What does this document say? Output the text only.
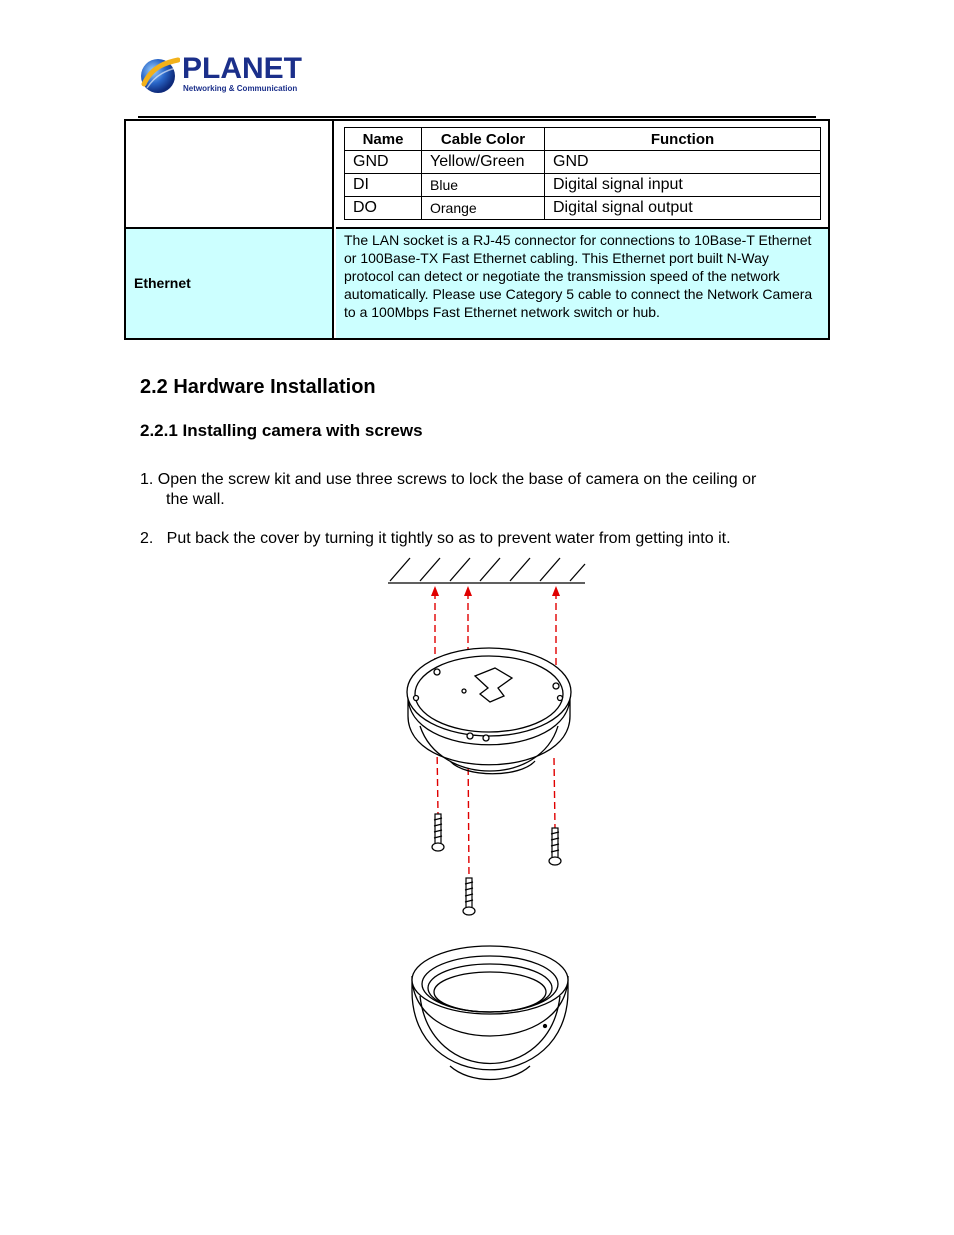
PLANET
Networking & Communication
Name	Cable Color	Function
GND	Yellow/Green	GND
DI	Blue	Digital signal input
DO	Orange	Digital signal output
Ethernet
The LAN socket is a RJ-45 connector for connections to 10Base-T Ethernet or 100Base-TX Fast Ethernet cabling. This Ethernet port built N-Way protocol can detect or negotiate the transmission speed of the network automatically. Please use Category 5 cable to connect the Network Camera to a 100Mbps Fast Ethernet network switch or hub.
2.2 Hardware Installation
2.2.1 Installing camera with screws

1. Open the screw kit and use three screws to lock the base of camera on the ceiling or
the wall.

2.   Put back the cover by turning it tightly so as to prevent water from getting into it.
